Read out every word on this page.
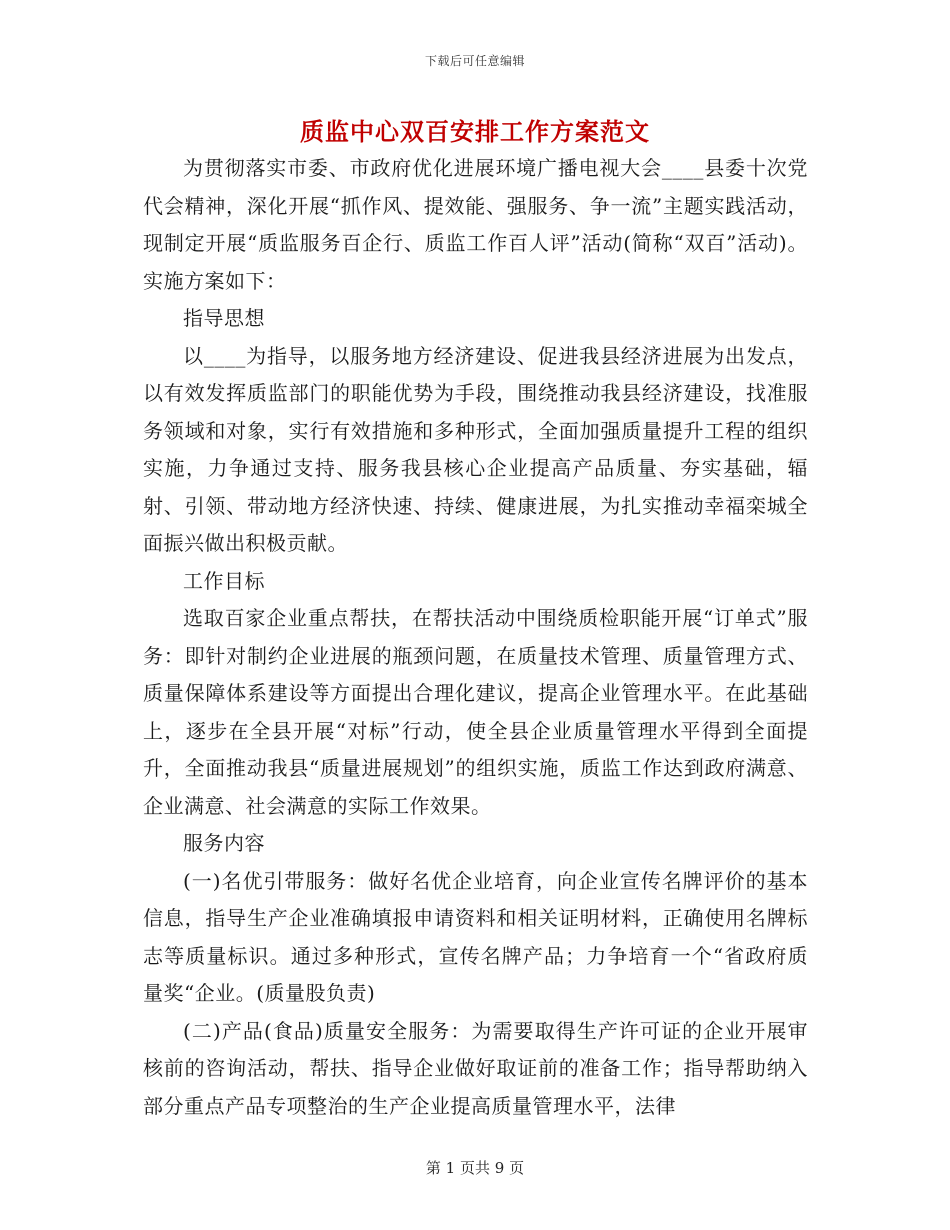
下载后可任意编辑
质监中心双百安排工作方案范文

为贯彻落实市委、市政府优化进展环境广播电视大会____县委十次党代会精神，深化开展“抓作风、提效能、强服务、争一流”主题实践活动，现制定开展“质监服务百企行、质监工作百人评”活动(简称“双百”活动)。实施方案如下：

指导思想

以____为指导，以服务地方经济建设、促进我县经济进展为出发点，以有效发挥质监部门的职能优势为手段，围绕推动我县经济建设，找准服务领域和对象，实行有效措施和多种形式，全面加强质量提升工程的组织实施，力争通过支持、服务我县核心企业提高产品质量、夯实基础，辐射、引领、带动地方经济快速、持续、健康进展，为扎实推动幸福栾城全面振兴做出积极贡献。

工作目标

选取百家企业重点帮扶，在帮扶活动中围绕质检职能开展“订单式”服务：即针对制约企业进展的瓶颈问题，在质量技术管理、质量管理方式、质量保障体系建设等方面提出合理化建议，提高企业管理水平。在此基础上，逐步在全县开展“对标”行动，使全县企业质量管理水平得到全面提升，全面推动我县“质量进展规划”的组织实施，质监工作达到政府满意、企业满意、社会满意的实际工作效果。

服务内容

(一)名优引带服务：做好名优企业培育，向企业宣传名牌评价的基本信息，指导生产企业准确填报申请资料和相关证明材料，正确使用名牌标志等质量标识。通过多种形式，宣传名牌产品；力争培育一个“省政府质量奖“企业。(质量股负责)

(二)产品(食品)质量安全服务：为需要取得生产许可证的企业开展审核前的咨询活动，帮扶、指导企业做好取证前的准备工作；指导帮助纳入部分重点产品专项整治的生产企业提高质量管理水平，法律

第 1 页共 9 页
